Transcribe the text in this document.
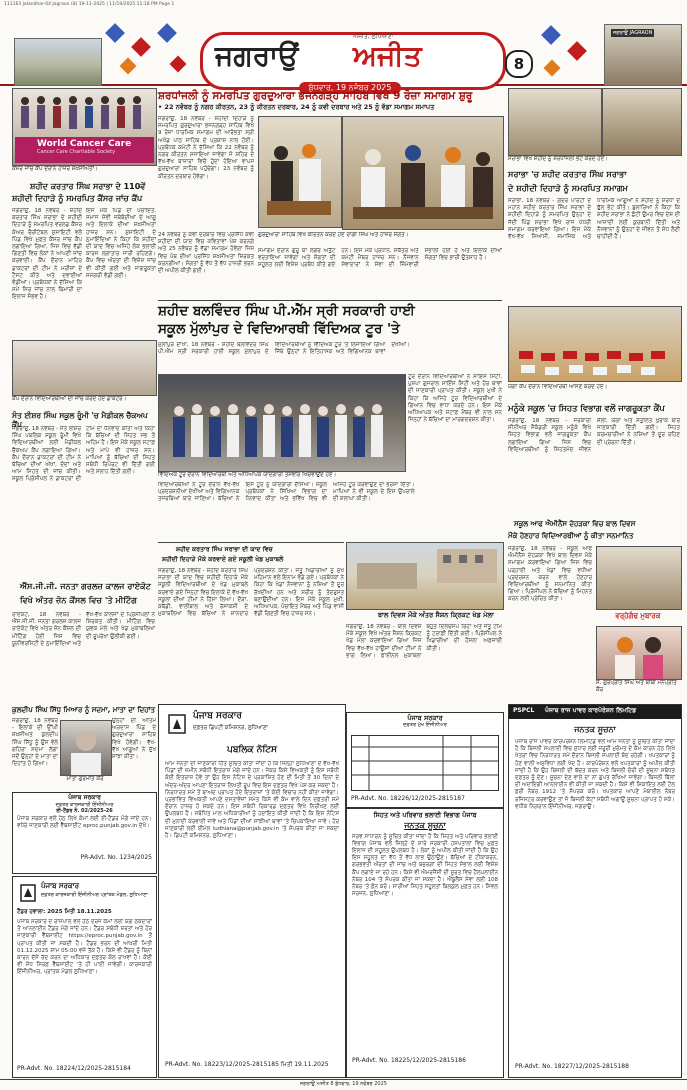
111163 Jalandhar-04 Jagraon (8) 19-11-2025 | 11/19/2025 11:18 PM Page 1
ਜਗਰਾਉਂ
ਅਜੀਤ, ਲੁਧਿਆਣਾ
ਅਜੀਤ
ਬੁੱਧਵਾਰ, 19 ਨਵੰਬਰ 2025
8
ਜਗਰਾਉਂ JAGRAON
ਸ਼ਰਧਾਂਜਲੀ ਨੂੰ ਸਮਰਪਿਤ ਗੁਰਦੁਆਰਾ ਭਜਨਗੜ੍ਹ ਸਾਹਿਬ ਵਿਖੇ 9 ਰੋਜ਼ਾ ਸਮਾਗਮ ਸ਼ੁਰੂ
• 22 ਨਵੰਬਰ ਨੂੰ ਨਗਰ ਕੀਰਤਨ, 23 ਨੂੰ ਕੀਰਤਨ ਦਰਬਾਰ, 24 ਨੂੰ ਕਵੀ ਦਰਬਾਰ ਅਤੇ 25 ਨੂੰ ਵੱਡਾ ਸਮਾਗਮ ਸਮਾਪਤ
World Cancer Care
Cancer Care Charitable Society
ਕੈਂਸਰ ਜਾਂਚ ਕੈਂਪ ਦੌਰਾਨ ਹਾਜ਼ਰ ਸ਼ਖ਼ਸੀਅਤਾਂ।
ਸ਼ਹੀਦ ਕਰਤਾਰ ਸਿੰਘ ਸਰਾਭਾ ਦੇ 110ਵੇਂ
ਸ਼ਹੀਦੀ ਦਿਹਾੜੇ ਨੂੰ ਸਮਰਪਿਤ ਕੈਂਸਰ ਜਾਂਚ ਕੈਂਪ
ਜਗਰਾਉਂ, 18 ਨਵੰਬਰ - ਸ਼ਹੀਦ ਕਰਤਾਰ ਸਿੰਘ ਸਰਾਭਾ ਦੇ ਸ਼ਹੀਦੀ ਦਿਹਾੜੇ ਨੂੰ ਸਮਰਪਿਤ ਵਰਲਡ ਕੈਂਸਰ ਕੇਅਰ ਚੈਰੀਟੇਬਲ ਸੁਸਾਇਟੀ ਵਲੋਂ ਪਿੰਡ ਵਿਖੇ ਮੁਫ਼ਤ ਕੈਂਸਰ ਜਾਂਚ ਕੈਂਪ ਲਗਾਇਆ ਗਿਆ, ਜਿਸ ਵਿਚ ਵੱਡੀ ਗਿਣਤੀ ਵਿਚ ਲੋਕਾਂ ਨੇ ਆਪਣੀ ਜਾਂਚ ਕਰਵਾਈ। ਕੈਂਪ ਦੌਰਾਨ ਮਾਹਿਰ ਡਾਕਟਰਾਂ ਦੀ ਟੀਮ ਨੇ ਮਰੀਜ਼ਾਂ ਦੇ ਟੈਸਟ ਕੀਤੇ ਅਤੇ ਦਵਾਈਆਂ ਵੰਡੀਆਂ। ਪ੍ਰਬੰਧਕਾਂ ਨੇ ਦੱਸਿਆ ਕਿ ਸਮੇਂ ਸਿਰ ਜਾਂਚ ਨਾਲ ਬਿਮਾਰੀ ਦਾ ਇਲਾਜ ਸੰਭਵ ਹੈ।
ਇਸ ਮੌਕੇ ਪਿੰਡ ਦੀ ਪੰਚਾਇਤ, ਸਮਾਜ ਸੇਵੀ ਜਥੇਬੰਦੀਆਂ ਦੇ ਆਗੂ ਅਤੇ ਇਲਾਕੇ ਦੀਆਂ ਸ਼ਖ਼ਸੀਅਤਾਂ ਹਾਜ਼ਰ ਸਨ। ਸੁਸਾਇਟੀ ਦੇ ਨੁਮਾਇੰਦਿਆਂ ਨੇ ਕਿਹਾ ਕਿ ਸ਼ਹੀਦਾਂ ਦੀ ਯਾਦ ਵਿਚ ਅਜਿਹੇ ਲੋਕ ਭਲਾਈ ਕਾਰਜ ਲਗਾਤਾਰ ਜਾਰੀ ਰਹਿਣਗੇ। ਕੈਂਪ ਵਿਚ ਔਰਤਾਂ ਦੀ ਵਿਸ਼ੇਸ਼ ਜਾਂਚ ਵੀ ਕੀਤੀ ਗਈ ਅਤੇ ਜਾਗਰੂਕਤਾ ਸਮੱਗਰੀ ਵੰਡੀ ਗਈ।
ਜਗਰਾਉਂ, 18 ਨਵੰਬਰ - ਸ਼ਹੀਦੀ ਦਿਹਾੜੇ ਨੂੰ ਸਮਰਪਿਤ ਗੁਰਦੁਆਰਾ ਭਜਨਗੜ੍ਹ ਸਾਹਿਬ ਵਿਖੇ 9 ਰੋਜ਼ਾ ਧਾਰਮਿਕ ਸਮਾਗਮ ਦੀ ਆਰੰਭਤਾ ਸ੍ਰੀ ਅਖੰਡ ਪਾਠ ਸਾਹਿਬ ਦੇ ਪ੍ਰਕਾਸ਼ ਨਾਲ ਹੋਈ। ਪ੍ਰਬੰਧਕ ਕਮੇਟੀ ਨੇ ਦੱਸਿਆ ਕਿ 22 ਨਵੰਬਰ ਨੂੰ ਨਗਰ ਕੀਰਤਨ ਸਜਾਇਆ ਜਾਵੇਗਾ ਜੋ ਸ਼ਹਿਰ ਦੇ ਵੱਖ-ਵੱਖ ਬਾਜ਼ਾਰਾਂ ਵਿਚੋਂ ਹੁੰਦਾ ਹੋਇਆ ਵਾਪਸ ਗੁਰਦੁਆਰਾ ਸਾਹਿਬ ਪਹੁੰਚੇਗਾ। 23 ਨਵੰਬਰ ਨੂੰ ਕੀਰਤਨ ਦਰਬਾਰ ਹੋਵੇਗਾ।
ਗੁਰਦੁਆਰਾ ਸਾਹਿਬ ਵਿਖੇ ਕੀਰਤਨ ਕਰਦੇ ਹੋਏ ਰਾਗੀ ਸਿੰਘ ਅਤੇ ਹਾਜ਼ਰ ਸੰਗਤ।
24 ਨਵੰਬਰ ਨੂੰ ਕਵੀ ਦਰਬਾਰ ਵਿਚ ਪ੍ਰਸਿੱਧ ਕਵੀ ਸ਼ਹੀਦਾਂ ਦੀ ਯਾਦ ਵਿਚ ਕਵਿਤਾਵਾਂ ਪੇਸ਼ ਕਰਨਗੇ ਅਤੇ 25 ਨਵੰਬਰ ਨੂੰ ਵੱਡਾ ਸਮਾਗਮ ਹੋਵੇਗਾ ਜਿਸ ਵਿਚ ਪੰਥ ਦੀਆਂ ਪ੍ਰਸਿੱਧ ਸ਼ਖ਼ਸੀਅਤਾਂ ਸ਼ਿਰਕਤ ਕਰਨਗੀਆਂ। ਸੰਗਤਾਂ ਨੂੰ ਵੱਧ ਤੋਂ ਵੱਧ ਹਾਜ਼ਰੀ ਭਰਨ ਦੀ ਅਪੀਲ ਕੀਤੀ ਗਈ।
ਸਮਾਗਮ ਦੌਰਾਨ ਗੁਰੂ ਕਾ ਲੰਗਰ ਅਤੁੱਟ ਵਰਤਾਇਆ ਜਾਵੇਗਾ ਅਤੇ ਸੰਗਤਾਂ ਦੀ ਸਹੂਲਤ ਲਈ ਵਿਸ਼ੇਸ਼ ਪ੍ਰਬੰਧ ਕੀਤੇ ਗਏ ਹਨ। ਇਸ ਮੌਕੇ ਪ੍ਰਧਾਨ, ਸਕੱਤਰ ਅਤੇ ਕਮੇਟੀ ਮੈਂਬਰ ਹਾਜ਼ਰ ਸਨ। ਨੌਜਵਾਨ ਸੇਵਾਦਾਰਾਂ ਨੇ ਸੇਵਾ ਦੀ ਜ਼ਿੰਮੇਵਾਰੀ ਸੰਭਾਲੀ ਹੋਈ ਹੈ ਅਤੇ ਇਲਾਕੇ ਦੀਆਂ ਸੰਗਤਾਂ ਵਿਚ ਭਾਰੀ ਉਤਸ਼ਾਹ ਹੈ।
ਸਰਾਭਾ ਵਿਖੇ ਸ਼ਹੀਦ ਨੂੰ ਸ਼ਰਧਾਂਜਲੀ ਭੇਟ ਕਰਦੇ ਹੋਏ।
ਸਰਾਭਾ 'ਚ ਸ਼ਹੀਦ ਕਰਤਾਰ ਸਿੰਘ ਸਰਾਭਾ
ਦੇ ਸ਼ਹੀਦੀ ਦਿਹਾੜੇ ਨੂੰ ਸਮਰਪਿਤ ਸਮਾਗਮ
ਸਰਾਭਾ, 18 ਨਵੰਬਰ - ਗ਼ਦਰ ਪਾਰਟੀ ਦੇ ਮਹਾਨ ਸ਼ਹੀਦ ਕਰਤਾਰ ਸਿੰਘ ਸਰਾਭਾ ਦੇ ਸ਼ਹੀਦੀ ਦਿਹਾੜੇ ਨੂੰ ਸਮਰਪਿਤ ਉਨ੍ਹਾਂ ਦੇ ਜੱਦੀ ਪਿੰਡ ਸਰਾਭਾ ਵਿਖੇ ਰਾਜ ਪੱਧਰੀ ਸਮਾਗਮ ਕਰਵਾਇਆ ਗਿਆ। ਇਸ ਮੌਕੇ ਵੱਖ-ਵੱਖ ਸਿਆਸੀ, ਸਮਾਜਿਕ ਅਤੇ ਧਾਰਮਿਕ ਆਗੂਆਂ ਨੇ ਸ਼ਹੀਦ ਨੂੰ ਸ਼ਰਧਾ ਦੇ ਫੁੱਲ ਭੇਟ ਕੀਤੇ। ਬੁਲਾਰਿਆਂ ਨੇ ਕਿਹਾ ਕਿ ਸ਼ਹੀਦ ਸਰਾਭਾ ਨੇ ਛੋਟੀ ਉਮਰ ਵਿਚ ਦੇਸ਼ ਦੀ ਆਜ਼ਾਦੀ ਲਈ ਕੁਰਬਾਨੀ ਦਿੱਤੀ ਅਤੇ ਨੌਜਵਾਨਾਂ ਨੂੰ ਉਨ੍ਹਾਂ ਦੇ ਜੀਵਨ ਤੋਂ ਸੇਧ ਲੈਣੀ ਚਾਹੀਦੀ ਹੈ।
ਸ਼ਹੀਦ ਬਲਵਿੰਦਰ ਸਿੰਘ ਪੀ.ਐੱਮ ਸ੍ਰੀ ਸਰਕਾਰੀ ਹਾਈ
ਸਕੂਲ ਮੁੱਲਾਂਪੁਰ ਦੇ ਵਿਦਿਆਰਥੀ ਵਿੱਦਿਅਕ ਟੂਰ 'ਤੇ
ਮੁੱਲਾਂਪੁਰ ਦਾਖਾ, 18 ਨਵੰਬਰ - ਸ਼ਹੀਦ ਬਲਵਿੰਦਰ ਸਿੰਘ ਪੀ.ਐੱਮ ਸ੍ਰੀ ਸਰਕਾਰੀ ਹਾਈ ਸਕੂਲ ਮੁੱਲਾਂਪੁਰ ਦੇ ਵਿਦਿਆਰਥੀਆਂ ਨੂੰ ਵਿੱਦਿਅਕ ਟੂਰ 'ਤੇ ਲਿਜਾਇਆ ਗਿਆ ਜਿੱਥੇ ਉਨ੍ਹਾਂ ਨੇ ਇਤਿਹਾਸਕ ਅਤੇ ਵਿਗਿਆਨਕ ਥਾਵਾਂ ਦੇਖੀਆਂ।
ਟੂਰ ਦੌਰਾਨ ਵਿਦਿਆਰਥੀਆਂ ਨੇ ਸਾਇੰਸ ਸਿਟੀ, ਪੁਸ਼ਪਾ ਗੁਜਰਾਲ ਸਾਇੰਸ ਸਿਟੀ ਅਤੇ ਹੋਰ ਥਾਵਾਂ ਦੀ ਜਾਣਕਾਰੀ ਪ੍ਰਾਪਤ ਕੀਤੀ। ਸਕੂਲ ਮੁਖੀ ਨੇ ਕਿਹਾ ਕਿ ਅਜਿਹੇ ਟੂਰ ਵਿਦਿਆਰਥੀਆਂ ਦੇ ਗਿਆਨ ਵਿਚ ਵਾਧਾ ਕਰਦੇ ਹਨ। ਇਸ ਮੌਕੇ ਅਧਿਆਪਕ ਅਤੇ ਸਟਾਫ਼ ਮੈਂਬਰ ਵੀ ਨਾਲ ਸਨ ਜਿਨ੍ਹਾਂ ਨੇ ਬੱਚਿਆਂ ਦਾ ਮਾਰਗਦਰਸ਼ਨ ਕੀਤਾ।
ਵਿੱਦਿਅਕ ਟੂਰ ਦੌਰਾਨ ਵਿਦਿਆਰਥੀ ਅਤੇ ਅਧਿਆਪਕ ਯਾਦਗਾਰੀ ਤਸਵੀਰ ਖਿਚਵਾਉਂਦੇ ਹੋਏ।
ਵਿਦਿਆਰਥੀਆਂ ਨੇ ਟੂਰ ਦੌਰਾਨ ਵੱਖ-ਵੱਖ ਪ੍ਰਦਰਸ਼ਨੀਆਂ ਦੇਖੀਆਂ ਅਤੇ ਵਿਗਿਆਨਕ ਤਜਰਬਿਆਂ ਬਾਰੇ ਜਾਣਿਆ। ਬੱਚਿਆਂ ਨੇ ਇਸ ਟੂਰ ਨੂੰ ਯਾਦਗਾਰੀ ਦੱਸਿਆ। ਸਕੂਲ ਪ੍ਰਬੰਧਕਾਂ ਨੇ ਸਿੱਖਿਆ ਵਿਭਾਗ ਦਾ ਧੰਨਵਾਦ ਕੀਤਾ ਅਤੇ ਭਵਿੱਖ ਵਿਚ ਵੀ ਅਜਿਹੇ ਟੂਰ ਕਰਵਾਉਣ ਦਾ ਭਰੋਸਾ ਦਿੱਤਾ। ਮਾਪਿਆਂ ਨੇ ਵੀ ਸਕੂਲ ਦੇ ਇਸ ਉਪਰਾਲੇ ਦੀ ਸ਼ਲਾਘਾ ਕੀਤੀ।
ਯੋਗਾ ਕੈਂਪ ਦੌਰਾਨ ਵਿਦਿਆਰਥੀ ਆਸਣ ਕਰਦੇ ਹੋਏ।
ਮਨੂੰਕੇ ਸਕੂਲ 'ਚ ਸਿਹਤ ਵਿਭਾਗ ਵਲੋਂ ਜਾਗਰੂਕਤਾ ਕੈਂਪ
ਜਗਰਾਉਂ, 18 ਨਵੰਬਰ - ਸਰਕਾਰੀ ਸੀਨੀਅਰ ਸੈਕੰਡਰੀ ਸਕੂਲ ਮਨੂੰਕੇ ਵਿਖੇ ਸਿਹਤ ਵਿਭਾਗ ਵਲੋਂ ਜਾਗਰੂਕਤਾ ਕੈਂਪ ਲਗਾਇਆ ਗਿਆ ਜਿਸ ਵਿਚ ਵਿਦਿਆਰਥੀਆਂ ਨੂੰ ਸਿਹਤਮੰਦ ਜੀਵਨ ਸ਼ੈਲੀ, ਯੋਗਾ ਅਤੇ ਸੰਤੁਲਿਤ ਖੁਰਾਕ ਬਾਰੇ ਜਾਣਕਾਰੀ ਦਿੱਤੀ ਗਈ। ਸਿਹਤ ਕਰਮਚਾਰੀਆਂ ਨੇ ਨਸ਼ਿਆਂ ਤੋਂ ਦੂਰ ਰਹਿਣ ਦੀ ਪ੍ਰੇਰਨਾ ਦਿੱਤੀ।
ਕੈਂਪ ਦੌਰਾਨ ਵਿਦਿਆਰਥੀਆਂ ਦੀ ਜਾਂਚ ਕਰਦੇ ਹੋਏ ਡਾਕਟਰ।
ਸੰਤ ਈਸ਼ਰ ਸਿੰਘ ਸਕੂਲ ਰੂੰਮੀ 'ਚ ਮੈਡੀਕਲ ਚੈੱਕਅਪ ਕੈਂਪ
ਜਗਰਾਉਂ, 18 ਨਵੰਬਰ - ਸੰਤ ਈਸ਼ਰ ਸਿੰਘ ਪਬਲਿਕ ਸਕੂਲ ਰੂੰਮੀ ਵਿਖੇ ਵਿਦਿਆਰਥੀਆਂ ਲਈ ਮੈਡੀਕਲ ਚੈੱਕਅਪ ਕੈਂਪ ਲਗਾਇਆ ਗਿਆ। ਕੈਂਪ ਦੌਰਾਨ ਡਾਕਟਰਾਂ ਦੀ ਟੀਮ ਨੇ ਬੱਚਿਆਂ ਦੀਆਂ ਅੱਖਾਂ, ਦੰਦਾਂ ਅਤੇ ਆਮ ਸਿਹਤ ਦੀ ਜਾਂਚ ਕੀਤੀ। ਸਕੂਲ ਪ੍ਰਿੰਸੀਪਲ ਨੇ ਡਾਕਟਰਾਂ ਦੀ ਟੀਮ ਦਾ ਧੰਨਵਾਦ ਕੀਤਾ ਅਤੇ ਕਿਹਾ ਕਿ ਬੱਚਿਆਂ ਦੀ ਸਿਹਤ ਸਭ ਤੋਂ ਅਹਿਮ ਹੈ। ਇਸ ਮੌਕੇ ਸਕੂਲ ਸਟਾਫ਼ ਅਤੇ ਮਾਪੇ ਵੀ ਹਾਜ਼ਰ ਸਨ। ਮਾਪਿਆਂ ਨੂੰ ਬੱਚਿਆਂ ਦੀ ਸਿਹਤ ਸਬੰਧੀ ਰਿਪੋਰਟ ਵੀ ਦਿੱਤੀ ਗਈ ਅਤੇ ਸਲਾਹ ਦਿੱਤੀ ਗਈ।
ਐੱਸ.ਜੀ.ਜੀ. ਜਨਤਾ ਗਰਲਜ਼ ਕਾਲਜ ਰਾਏਕੋਟ
ਵਿਖੇ ਅੰਤਰ ਜ਼ੋਨ ਕੌਂਸਲ ਵਿਚ 'ਤੇ ਮੀਟਿੰਗ
ਰਾਏਕੋਟ, 18 ਨਵੰਬਰ - ਐੱਸ.ਜੀ.ਜੀ. ਜਨਤਾ ਗਰਲਜ਼ ਕਾਲਜ ਰਾਏਕੋਟ ਵਿਖੇ ਅੰਤਰ ਜ਼ੋਨ ਕੌਂਸਲ ਦੀ ਮੀਟਿੰਗ ਹੋਈ ਜਿਸ ਵਿਚ ਯੂਨੀਵਰਸਿਟੀ ਦੇ ਨੁਮਾਇੰਦਿਆਂ ਅਤੇ ਵੱਖ-ਵੱਖ ਕਾਲਜਾਂ ਦੇ ਪ੍ਰਿੰਸੀਪਲਾਂ ਨੇ ਸ਼ਿਰਕਤ ਕੀਤੀ। ਮੀਟਿੰਗ ਵਿਚ ਯੁਵਕ ਮੇਲੇ ਅਤੇ ਖੇਡ ਮੁਕਾਬਲਿਆਂ ਦੀ ਰੂਪਰੇਖਾ ਉਲੀਕੀ ਗਈ।
ਕੁਲਦੀਪ ਸਿੰਘ ਸਿੱਧੂ ਮਿਆਰ ਨੂੰ ਸਦਮਾ, ਮਾਤਾ ਦਾ ਦਿਹਾਂਤ
ਜਗਰਾਉਂ, 18 ਨਵੰਬਰ - ਇਲਾਕੇ ਦੀ ਉੱਘੀ ਸ਼ਖ਼ਸੀਅਤ ਕੁਲਦੀਪ ਸਿੰਘ ਸਿੱਧੂ ਨੂੰ ਉਸ ਵੇਲੇ ਗਹਿਰਾ ਸਦਮਾ ਲੱਗਾ ਜਦੋਂ ਉਨ੍ਹਾਂ ਦੇ ਮਾਤਾ ਦਾ ਦਿਹਾਂਤ ਹੋ ਗਿਆ।
ਮਾਤਾ ਗੁਰਮੀਤ ਕੌਰ
ਉਨ੍ਹਾਂ ਦੀ ਅੰਤਿਮ ਅਰਦਾਸ ਪਿੰਡ ਦੇ ਗੁਰਦੁਆਰਾ ਸਾਹਿਬ ਵਿਖੇ ਹੋਵੇਗੀ। ਵੱਖ-ਵੱਖ ਆਗੂਆਂ ਨੇ ਦੁੱਖ ਸਾਂਝਾ ਕੀਤਾ।
ਸ਼ਹੀਦ ਕਰਤਾਰ ਸਿੰਘ ਸਰਾਭਾ ਦੀ ਯਾਦ ਵਿਚ
ਸ਼ਹੀਦੀ ਦਿਹਾੜੇ ਮੌਕੇ ਕਰਵਾਏ ਗਏ ਸਕੂਲੀ ਖੇਡ ਮੁਕਾਬਲੇ
ਜਗਰਾਉਂ, 18 ਨਵੰਬਰ - ਸ਼ਹੀਦ ਕਰਤਾਰ ਸਿੰਘ ਸਰਾਭਾ ਦੀ ਯਾਦ ਵਿਚ ਸ਼ਹੀਦੀ ਦਿਹਾੜੇ ਮੌਕੇ ਸਕੂਲੀ ਵਿਦਿਆਰਥੀਆਂ ਦੇ ਖੇਡ ਮੁਕਾਬਲੇ ਕਰਵਾਏ ਗਏ ਜਿਨ੍ਹਾਂ ਵਿਚ ਇਲਾਕੇ ਦੇ ਵੱਖ-ਵੱਖ ਸਕੂਲਾਂ ਦੀਆਂ ਟੀਮਾਂ ਨੇ ਹਿੱਸਾ ਲਿਆ। ਦੌੜਾਂ, ਕਬੱਡੀ, ਵਾਲੀਬਾਲ ਅਤੇ ਰੱਸਾਕਸ਼ੀ ਦੇ ਮੁਕਾਬਲਿਆਂ ਵਿਚ ਬੱਚਿਆਂ ਨੇ ਸ਼ਾਨਦਾਰ ਪ੍ਰਦਰਸ਼ਨ ਕੀਤਾ। ਜੇਤੂ ਖਿਡਾਰੀਆਂ ਨੂੰ ਮੁੱਖ ਮਹਿਮਾਨ ਵਲੋਂ ਇਨਾਮ ਵੰਡੇ ਗਏ। ਪ੍ਰਬੰਧਕਾਂ ਨੇ ਕਿਹਾ ਕਿ ਖੇਡਾਂ ਨੌਜਵਾਨਾਂ ਨੂੰ ਨਸ਼ਿਆਂ ਤੋਂ ਦੂਰ ਰੱਖਦੀਆਂ ਹਨ ਅਤੇ ਸਰੀਰ ਨੂੰ ਤੰਦਰੁਸਤ ਬਣਾਉਂਦੀਆਂ ਹਨ। ਇਸ ਮੌਕੇ ਸਕੂਲ ਮੁਖੀ, ਅਧਿਆਪਕ, ਪੰਚਾਇਤ ਮੈਂਬਰ ਅਤੇ ਪਿੰਡ ਵਾਸੀ ਵੱਡੀ ਗਿਣਤੀ ਵਿਚ ਹਾਜ਼ਰ ਸਨ।	ਬਾਲ ਦਿਵਸ ਮੌਕੇ ਅੰਤਰ ਸੈਸ਼ਨ ਕ੍ਰਿਕਟ ਖੇਡ ਮੇਲਾ
ਜਗਰਾਉਂ, 18 ਨਵੰਬਰ - ਬਾਲ ਦਿਵਸ ਮੌਕੇ ਸਕੂਲ ਵਿਖੇ ਅੰਤਰ ਸੈਸ਼ਨ ਕ੍ਰਿਕਟ ਖੇਡ ਮੇਲਾ ਕਰਵਾਇਆ ਗਿਆ ਜਿਸ ਵਿਚ ਵੱਖ-ਵੱਖ ਹਾਊਸਾਂ ਦੀਆਂ ਟੀਮਾਂ ਨੇ ਭਾਗ ਲਿਆ। ਫਾਈਨਲ ਮੁਕਾਬਲਾ ਬਹੁਤ ਦਿਲਚਸਪ ਰਿਹਾ ਅਤੇ ਜੇਤੂ ਟੀਮ ਨੂੰ ਟਰਾਫ਼ੀ ਦਿੱਤੀ ਗਈ। ਪ੍ਰਿੰਸੀਪਲ ਨੇ ਖਿਡਾਰੀਆਂ ਦੀ ਹੌਸਲਾ ਅਫ਼ਜ਼ਾਈ ਕੀਤੀ।
ਸਕੂਲ ਆਫ ਐਮੀਨੈਂਸ ਦੇਹੜਕਾ ਵਿਚ ਬਾਲ ਦਿਵਸ
ਮੌਕੇ ਹੋਣਹਾਰ ਵਿਦਿਆਰਥੀਆਂ ਨੂੰ ਕੀਤਾ ਸਨਮਾਨਿਤ
ਜਗਰਾਉਂ, 18 ਨਵੰਬਰ - ਸਕੂਲ ਆਫ ਐਮੀਨੈਂਸ ਦੇਹੜਕਾ ਵਿਖੇ ਬਾਲ ਦਿਵਸ ਮੌਕੇ ਸਮਾਗਮ ਕਰਵਾਇਆ ਗਿਆ ਜਿਸ ਵਿਚ ਪੜ੍ਹਾਈ ਅਤੇ ਖੇਡਾਂ ਵਿਚ ਵਧੀਆ ਪ੍ਰਦਰਸ਼ਨ ਕਰਨ ਵਾਲੇ ਹੋਣਹਾਰ ਵਿਦਿਆਰਥੀਆਂ ਨੂੰ ਸਨਮਾਨਿਤ ਕੀਤਾ ਗਿਆ। ਪ੍ਰਿੰਸੀਪਲ ਨੇ ਬੱਚਿਆਂ ਨੂੰ ਮਿਹਨਤ ਕਰਨ ਲਈ ਪ੍ਰੇਰਿਤ ਕੀਤਾ।
ਵਰ੍ਹੇਗੰਢ ਮੁਬਾਰਕ
ਸ. ਗੁਰਪ੍ਰੀਤ ਸਿੰਘ ਅਤੇ ਬੀਬੀ ਮਨਪ੍ਰੀਤ ਕੌਰ
ਪੰਜਾਬ ਸਰਕਾਰ
ਦਫ਼ਤਰ ਕਾਰਜਕਾਰੀ ਇੰਜੀਨੀਅਰ
ਈ-ਟੈਂਡਰ ਨੰ. 02/2025-26
ਪੰਜਾਬ ਸਰਕਾਰ ਵਲੋਂ ਹੇਠ ਲਿਖੇ ਕੰਮਾਂ ਲਈ ਈ-ਟੈਂਡਰ ਮੰਗੇ ਜਾਂਦੇ ਹਨ। ਵਧੇਰੇ ਜਾਣਕਾਰੀ ਲਈ ਵੈੱਬਸਾਈਟ eproc.punjab.gov.in ਦੇਖੋ।
PR-Advt. No. 1234/2025
ਪੰਜਾਬ ਸਰਕਾਰ
ਦਫ਼ਤਰ ਕਾਰਜਕਾਰੀ ਇੰਜੀਨੀਅਰ ਪ੍ਰਾਂਤਕ ਮੰਡਲ, ਲੁਧਿਆਣਾ
ਟੈਂਡਰ ਹਵਾਲਾ: 2025 ਮਿਤੀ 18.11.2025
ਪੰਜਾਬ ਸਰਕਾਰ ਦੇ ਰਾਜਪਾਲ ਵਲੋਂ ਹੇਠ ਦਰਜ ਕੰਮਾਂ ਲਈ ਯੋਗ ਠੇਕੇਦਾਰਾਂ ਤੋਂ ਆਨਲਾਈਨ ਟੈਂਡਰ ਮੰਗੇ ਜਾਂਦੇ ਹਨ। ਟੈਂਡਰ ਸਬੰਧੀ ਸ਼ਰਤਾਂ ਅਤੇ ਹੋਰ ਜਾਣਕਾਰੀ ਵੈੱਬਸਾਈਟ https://eproc.punjab.gov.in ਤੋਂ ਪ੍ਰਾਪਤ ਕੀਤੀ ਜਾ ਸਕਦੀ ਹੈ। ਟੈਂਡਰ ਭਰਨ ਦੀ ਆਖ਼ਰੀ ਮਿਤੀ 01.12.2025 ਸ਼ਾਮ 05:00 ਵਜੇ ਤੱਕ ਹੈ। ਕਿਸੇ ਵੀ ਟੈਂਡਰ ਨੂੰ ਬਿਨਾਂ ਕਾਰਨ ਦੱਸੇ ਰੱਦ ਕਰਨ ਦਾ ਅਧਿਕਾਰ ਦਫ਼ਤਰ ਕੋਲ ਰਾਖਵਾਂ ਹੈ। ਕੋਈ ਵੀ ਸੋਧ ਸਿਰਫ਼ ਵੈੱਬਸਾਈਟ 'ਤੇ ਹੀ ਪਾਈ ਜਾਵੇਗੀ। ਕਾਰਜਕਾਰੀ ਇੰਜੀਨੀਅਰ, ਪ੍ਰਾਂਤਕ ਮੰਡਲ ਲੁਧਿਆਣਾ।
PR-Advt. No. 18224/12/2025-2815184
ਪੰਜਾਬ ਸਰਕਾਰ
ਦਫ਼ਤਰ ਡਿਪਟੀ ਕਮਿਸ਼ਨਰ, ਲੁਧਿਆਣਾ
ਪਬਲਿਕ ਨੋਟਿਸ
ਆਮ ਜਨਤਾ ਦੀ ਜਾਣਕਾਰੀ ਹਿੱਤ ਸੂਚਿਤ ਕੀਤਾ ਜਾਂਦਾ ਹੈ ਕਿ ਜ਼ਿਲ੍ਹਾ ਲੁਧਿਆਣਾ ਦੇ ਵੱਖ-ਵੱਖ ਪਿੰਡਾਂ ਦੀ ਜ਼ਮੀਨ ਸਬੰਧੀ ਇਤਰਾਜ਼ ਮੰਗੇ ਜਾਂਦੇ ਹਨ। ਜੇਕਰ ਕਿਸੇ ਵਿਅਕਤੀ ਨੂੰ ਇਸ ਸਬੰਧੀ ਕੋਈ ਇਤਰਾਜ਼ ਹੋਵੇ ਤਾਂ ਉਹ ਇਸ ਨੋਟਿਸ ਦੇ ਪ੍ਰਕਾਸ਼ਿਤ ਹੋਣ ਦੀ ਮਿਤੀ ਤੋਂ 30 ਦਿਨਾਂ ਦੇ ਅੰਦਰ-ਅੰਦਰ ਆਪਣਾ ਇਤਰਾਜ਼ ਲਿਖਤੀ ਰੂਪ ਵਿਚ ਇਸ ਦਫ਼ਤਰ ਵਿਖੇ ਪੇਸ਼ ਕਰ ਸਕਦਾ ਹੈ। ਨਿਰਧਾਰਤ ਸਮੇਂ ਤੋਂ ਬਾਅਦ ਪ੍ਰਾਪਤ ਹੋਏ ਇਤਰਾਜ਼ਾਂ 'ਤੇ ਕੋਈ ਵਿਚਾਰ ਨਹੀਂ ਕੀਤਾ ਜਾਵੇਗਾ। ਪ੍ਰਭਾਵਿਤ ਵਿਅਕਤੀ ਆਪਣੇ ਦਸਤਾਵੇਜ਼ਾਂ ਸਮੇਤ ਕਿਸੇ ਵੀ ਕੰਮ ਵਾਲੇ ਦਿਨ ਦਫ਼ਤਰੀ ਸਮੇਂ ਦੌਰਾਨ ਹਾਜ਼ਰ ਹੋ ਸਕਦੇ ਹਨ। ਇਸ ਸਬੰਧੀ ਰਿਕਾਰਡ ਦਫ਼ਤਰ ਵਿਖੇ ਨਿਰੀਖਣ ਲਈ ਉਪਲਬਧ ਹੈ। ਸਬੰਧਿਤ ਮਾਲ ਅਧਿਕਾਰੀਆਂ ਨੂੰ ਹਦਾਇਤ ਕੀਤੀ ਜਾਂਦੀ ਹੈ ਕਿ ਇਸ ਨੋਟਿਸ ਦੀ ਮੁਨਾਦੀ ਕਰਵਾਈ ਜਾਵੇ ਅਤੇ ਪਿੰਡਾਂ ਦੀਆਂ ਸਾਂਝੀਆਂ ਥਾਵਾਂ 'ਤੇ ਚਿਪਕਾਇਆ ਜਾਵੇ। ਹੋਰ ਜਾਣਕਾਰੀ ਲਈ ਈਮੇਲ ludhiana@punjab.gov.in 'ਤੇ ਸੰਪਰਕ ਕੀਤਾ ਜਾ ਸਕਦਾ ਹੈ। ਡਿਪਟੀ ਕਮਿਸ਼ਨਰ, ਲੁਧਿਆਣਾ।
PR-Advt. No. 18223/12/2025-2815185 ਮਿਤੀ 19.11.2025
ਪੰਜਾਬ ਸਰਕਾਰ
ਦਫ਼ਤਰ ਮੁੱਖ ਇੰਜੀਨੀਅਰ
PR-Advt. No. 18226/12/2025-2815187
ਸਿਹਤ ਅਤੇ ਪਰਿਵਾਰ ਭਲਾਈ ਵਿਭਾਗ ਪੰਜਾਬ
ਜਨਤਕ ਸੂਚਨਾ
ਸਰਵ ਸਾਧਾਰਨ ਨੂੰ ਸੂਚਿਤ ਕੀਤਾ ਜਾਂਦਾ ਹੈ ਕਿ ਸਿਹਤ ਅਤੇ ਪਰਿਵਾਰ ਭਲਾਈ ਵਿਭਾਗ ਪੰਜਾਬ ਵਲੋਂ ਜ਼ਿਲ੍ਹੇ ਦੇ ਸਾਰੇ ਸਰਕਾਰੀ ਹਸਪਤਾਲਾਂ ਵਿਚ ਮੁਫ਼ਤ ਇਲਾਜ ਦੀ ਸਹੂਲਤ ਉਪਲਬਧ ਹੈ। ਲੋਕਾਂ ਨੂੰ ਅਪੀਲ ਕੀਤੀ ਜਾਂਦੀ ਹੈ ਕਿ ਉਹ ਇਸ ਸਹੂਲਤ ਦਾ ਵੱਧ ਤੋਂ ਵੱਧ ਲਾਭ ਉਠਾਉਣ। ਬੱਚਿਆਂ ਦੇ ਟੀਕਾਕਰਨ, ਗਰਭਵਤੀ ਔਰਤਾਂ ਦੀ ਜਾਂਚ ਅਤੇ ਬਜ਼ੁਰਗਾਂ ਦੀ ਸਿਹਤ ਸੰਭਾਲ ਲਈ ਵਿਸ਼ੇਸ਼ ਕੈਂਪ ਲਗਾਏ ਜਾ ਰਹੇ ਹਨ। ਕਿਸੇ ਵੀ ਐਮਰਜੈਂਸੀ ਦੀ ਸੂਰਤ ਵਿਚ ਹੈਲਪਲਾਈਨ ਨੰਬਰ 104 'ਤੇ ਸੰਪਰਕ ਕੀਤਾ ਜਾ ਸਕਦਾ ਹੈ। ਐਂਬੂਲੈਂਸ ਸੇਵਾ ਲਈ 108 ਨੰਬਰ 'ਤੇ ਫ਼ੋਨ ਕਰੋ। ਸਾਰੀਆਂ ਸਿਹਤ ਸਹੂਲਤਾਂ ਬਿਲਕੁਲ ਮੁਫ਼ਤ ਹਨ। ਸਿਵਲ ਸਰਜਨ, ਲੁਧਿਆਣਾ।
PR-Advt. No. 18225/12/2025-2815186
PSPCL ਪੰਜਾਬ ਰਾਜ ਪਾਵਰ ਕਾਰਪੋਰੇਸ਼ਨ ਲਿਮਟਿਡ
ਜਨਤਕ ਸੂਚਨਾ
ਪੰਜਾਬ ਰਾਜ ਪਾਵਰ ਕਾਰਪੋਰੇਸ਼ਨ ਲਿਮਟਿਡ ਵਲੋਂ ਆਮ ਜਨਤਾ ਨੂੰ ਸੂਚਿਤ ਕੀਤਾ ਜਾਂਦਾ ਹੈ ਕਿ ਬਿਜਲੀ ਸਪਲਾਈ ਵਿਚ ਸੁਧਾਰ ਲਈ ਜ਼ਰੂਰੀ ਮੁਰੰਮਤ ਦੇ ਕੰਮ ਕਾਰਨ ਹੇਠ ਲਿਖੇ ਖੇਤਰਾਂ ਵਿਚ ਨਿਰਧਾਰਤ ਸਮੇਂ ਦੌਰਾਨ ਬਿਜਲੀ ਸਪਲਾਈ ਬੰਦ ਰਹੇਗੀ। ਖਪਤਕਾਰਾਂ ਨੂੰ ਹੋਣ ਵਾਲੀ ਅਸੁਵਿਧਾ ਲਈ ਖੇਦ ਹੈ। ਕਾਰਪੋਰੇਸ਼ਨ ਵਲੋਂ ਖਪਤਕਾਰਾਂ ਨੂੰ ਅਪੀਲ ਕੀਤੀ ਜਾਂਦੀ ਹੈ ਕਿ ਉਹ ਬਿਜਲੀ ਦੀ ਬੱਚਤ ਕਰਨ ਅਤੇ ਬਿਜਲੀ ਚੋਰੀ ਦੀ ਸੂਚਨਾ ਸਬੰਧਤ ਦਫ਼ਤਰ ਨੂੰ ਦੇਣ। ਸੂਚਨਾ ਦੇਣ ਵਾਲੇ ਦਾ ਨਾਂ ਗੁਪਤ ਰੱਖਿਆ ਜਾਵੇਗਾ। ਬਿਜਲੀ ਬਿੱਲਾਂ ਦੀ ਅਦਾਇਗੀ ਆਨਲਾਈਨ ਵੀ ਕੀਤੀ ਜਾ ਸਕਦੀ ਹੈ। ਕਿਸੇ ਵੀ ਸ਼ਿਕਾਇਤ ਲਈ ਟੋਲ ਫ਼ਰੀ ਨੰਬਰ 1912 'ਤੇ ਸੰਪਰਕ ਕਰੋ। ਖਪਤਕਾਰ ਆਪਣੇ ਮੋਬਾਈਲ ਨੰਬਰ ਰਜਿਸਟਰ ਕਰਵਾਉਣ ਤਾਂ ਜੋ ਬਿਜਲੀ ਕੱਟਾਂ ਸਬੰਧੀ ਅਗਾਊਂ ਸੂਚਨਾ ਪ੍ਰਾਪਤ ਹੋ ਸਕੇ। ਵਧੀਕ ਨਿਗਰਾਨ ਇੰਜੀਨੀਅਰ, ਜਗਰਾਉਂ।
PR-Advt. No. 18227/12/2025-2815188
ਜਗਰਾਉਂ ਅਜੀਤ 8 ਬੁੱਧਵਾਰ, 19 ਨਵੰਬਰ 2025
